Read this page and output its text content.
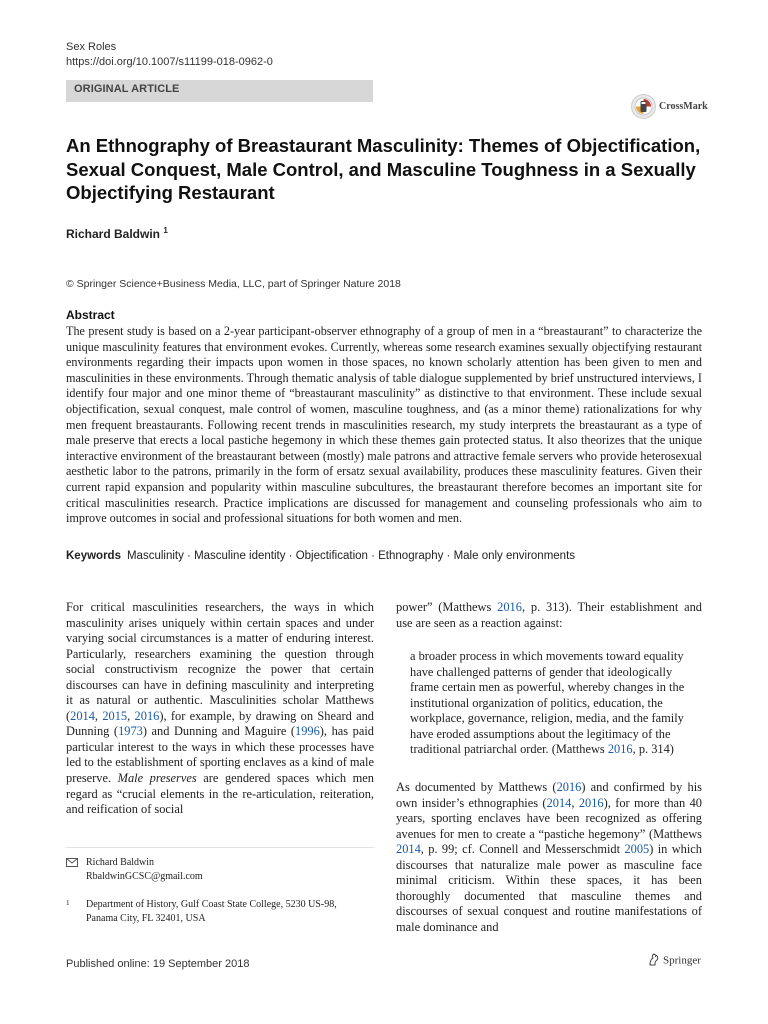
Sex Roles
https://doi.org/10.1007/s11199-018-0962-0
ORIGINAL ARTICLE
CrossMark
An Ethnography of Breastaurant Masculinity: Themes of Objectification, Sexual Conquest, Male Control, and Masculine Toughness in a Sexually Objectifying Restaurant
Richard Baldwin $^1$
© Springer Science+Business Media, LLC, part of Springer Nature 2018
Abstract

The present study is based on a 2-year participant-observer ethnography of a group of men in a “breastaurant” to characterize the unique masculinity features that environment evokes. Currently, whereas some research examines sexually objectifying restaurant environments regarding their impacts upon women in those spaces, no known scholarly attention has been given to men and masculinities in these environments. Through thematic analysis of table dialogue supplemented by brief unstructured interviews, I identify four major and one minor theme of “breastaurant masculinity” as distinctive to that environment. These include sexual objectification, sexual conquest, male control of women, masculine toughness, and (as a minor theme) rationalizations for why men frequent breastaurants. Following recent trends in masculinities research, my study interprets the breastaurant as a type of male preserve that erects a local pastiche hegemony in which these themes gain protected status. It also theorizes that the unique interactive environment of the breastaurant between (mostly) male patrons and attractive female servers who provide heterosexual aesthetic labor to the patrons, primarily in the form of ersatz sexual availability, produces these masculinity features. Given their current rapid expansion and popularity within masculine subcultures, the breastaurant therefore becomes an important site for critical masculinities research. Practice implications are discussed for management and counseling professionals who aim to improve outcomes in social and professional situations for both women and men.

Keywords Masculinity · Masculine identity · Objectification · Ethnography · Male only environments

For critical masculinities researchers, the ways in which masculinity arises uniquely within certain spaces and under varying social circumstances is a matter of enduring interest. Particularly, researchers examining the question through social constructivism recognize the power that certain discourses can have in defining masculinity and interpreting it as natural or authentic. Masculinities scholar Matthews (2014, 2015, 2016), for example, by drawing on Sheard and Dunning (1973) and Dunning and Maguire (1996), has paid particular interest to the ways in which these processes have led to the establishment of sporting enclaves as a kind of male preserve. Male preserves are gendered spaces which men regard as “crucial elements in the re-articulation, reiteration, and reification of social

power” (Matthews 2016, p. 313). Their establishment and use are seen as a reaction against:

a broader process in which movements toward equality have challenged patterns of gender that ideologically frame certain men as powerful, whereby changes in the institutional organization of politics, education, the workplace, governance, religion, media, and the family have eroded assumptions about the legitimacy of the traditional patriarchal order. (Matthews 2016, p. 314)

As documented by Matthews (2016) and confirmed by his own insider’s ethnographies (2014, 2016), for more than 40 years, sporting enclaves have been recognized as offering avenues for men to create a “pastiche hegemony” (Matthews 2014, p. 99; cf. Connell and Messerschmidt 2005) in which discourses that naturalize male power as masculine face minimal criticism. Within these spaces, it has been thoroughly documented that masculine themes and discourses of sexual conquest and routine manifestations of male dominance and

Richard Baldwin
RbaldwinGCSC@gmail.com
1 Department of History, Gulf Coast State College, 5230 US-98, Panama City, FL 32401, USA
Published online: 19 September 2018	Springer
